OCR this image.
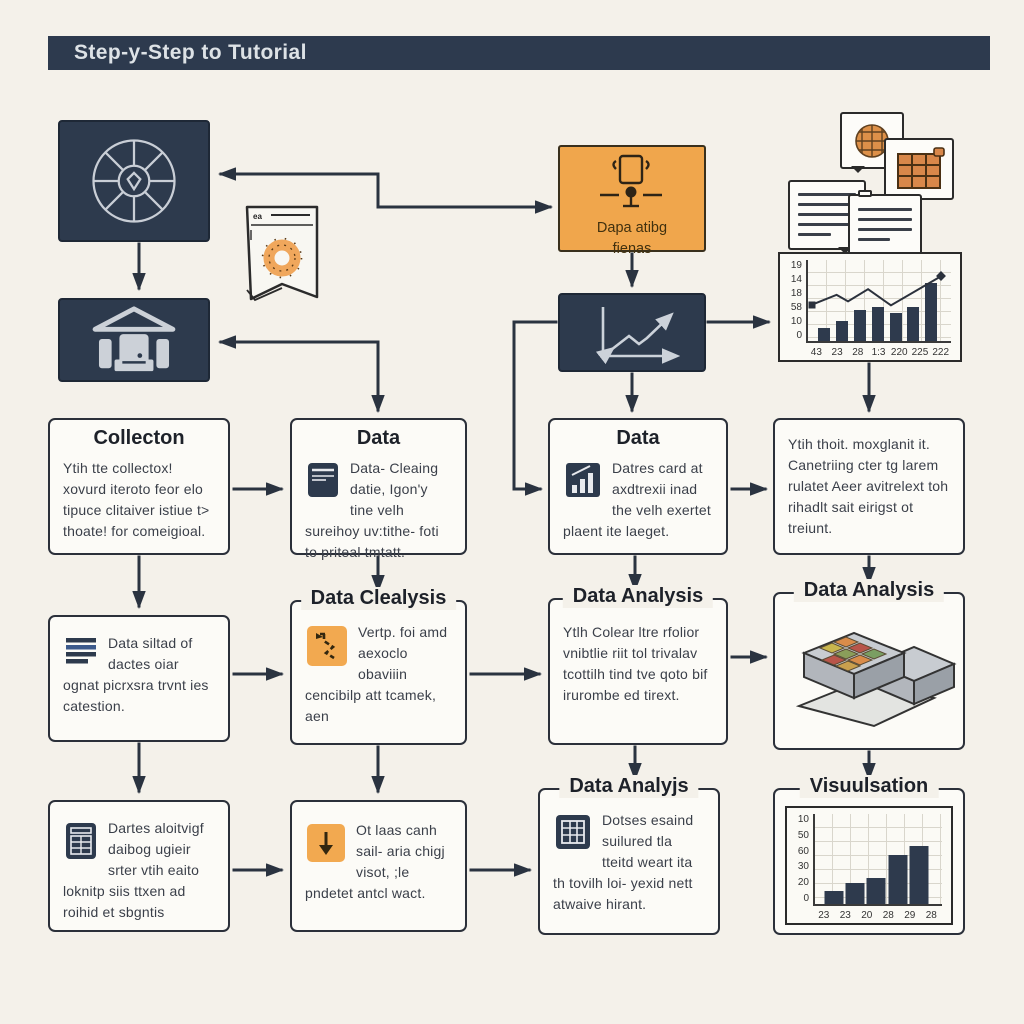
Step-y-Step to Tutorial
ea
Dapa atibg
fienas
19
14
18
58
10
0
43 23 28 1:3 220 225 222
Collecton
Ytih tte collectox! xovurd iteroto feor elo tipuce clitaiver istiue t> thoate! for comeigioal.
Data
Data- Cleaing datie, Igon'y tine velh sureihoy uv:tithe- foti to priteal tmtatt.
Data
Datres card at axdtrexii inad the velh exertet plaent ite laeget.
Ytih thoit. moxglanit it. Canetriing cter tg larem rulatet Aeer avitrelext toh rihadlt sait eirigst ot treiunt.
Data siltad of dactes oiar ognat picrxsra trvnt ies catestion.
Data Clealysis
Vertp. foi amd aexoclo obaviiin cencibilp att tcamek, aen
Data Analysis
Ytlh Colear ltre rfolior vnibtlie riit tol trivalav tcottilh tind tve qoto bif irurombe ed tirext.
Data Analysis
Dartes aloitvigf daibog ugieir srter vtih eaito loknitp siis ttxen ad roihid et sbgntis
Ot laas canh sail- aria chigj visot, ;le pndetet antcl wact.
Data Analyjs
Dotses esaind suilured tla tteitd weart ita th tovilh loi- yexid nett atwaive hirant.
Visuulsation
10
50
60
30
20
0
23	23	20	28	29	28
